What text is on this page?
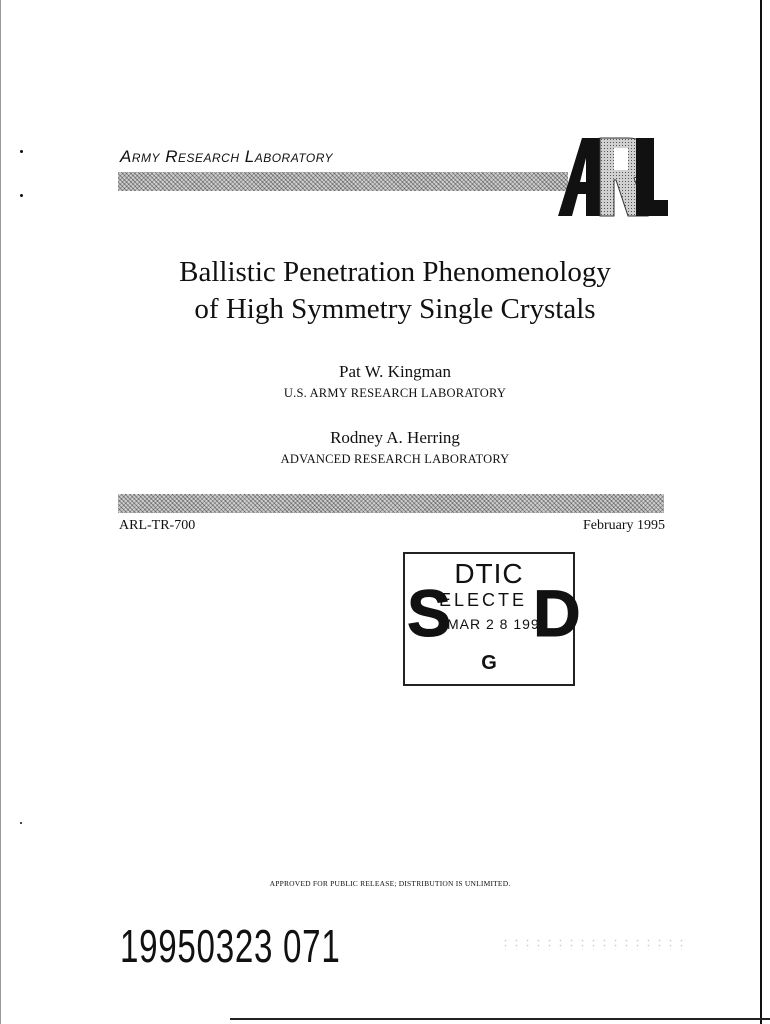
Army Research Laboratory
Ballistic Penetration Phenomenology
of High Symmetry Single Crystals
Pat W. Kingman
U.S. ARMY RESEARCH LABORATORY
Rodney A. Herring
ADVANCED RESEARCH LABORATORY
ARL-TR-700	February 1995
DTIC
S
ELECTE
MAR 2 8 1995
D
G
APPROVED FOR PUBLIC RELEASE; DISTRIBUTION IS UNLIMITED.
19950323 071
